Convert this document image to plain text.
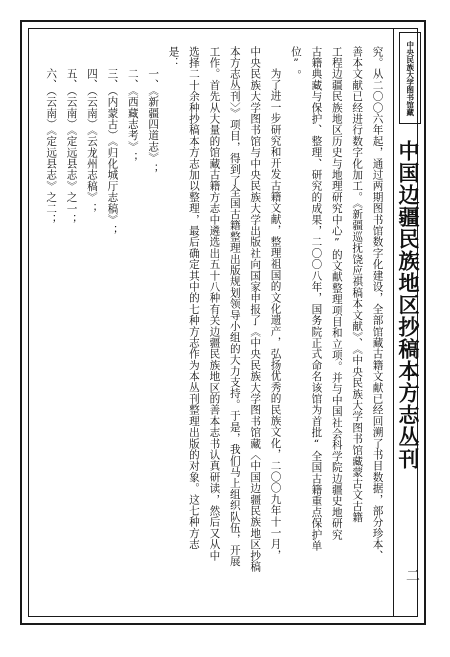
中央民族大学图书馆藏
中国边疆民族地区抄稿本方志丛刊
究。从二〇〇六年起，通过两期图书馆数字化建设，全部馆藏古籍文献已经回溯了书目数据，部分珍本、
善本文献已经进行数字化加工。《新疆巡抚饶应祺稿本文献》、《中央民族大学图书馆藏蒙古文古籍
工程边疆民族地区历史与地理研究中心”的文献整理项目和立项。并与中国社会科学院边疆史地研究
古籍典藏与保护、整理、研究的成果，二〇〇八年，国务院正式命名该馆为首批“全国古籍重点保护单
位”。
为了进一步研究和开发古籍文献，整理祖国的文化遗产，弘扬优秀的民族文化，二〇〇九年十一月，
中央民族大学图书馆与中央民族大学出版社向国家申报了《中央民族大学图书馆藏〈中国边疆民族地区抄稿
本方志丛刊〉》项目，得到了全国古籍整理出版规划领导小组的大力支持。于是，我们马上组织队伍，开展
工作。首先从大量的馆藏古籍方志中遴选出五十八种有关边疆民族地区的善本志书认真研读，然后又从中
选择二十余种抄稿本方志加以整理，最后确定其中的七种方志作为本丛刊整理出版的对象。这七种方志
是：
一、《新疆四道志》；
二、《西藏志考》；
三、（内蒙古）《归化城厅志稿》；
四、（云南）《云龙州志稿》；
五、（云南）《定远县志》之一；
六、（云南）《定远县志》之二；
二
